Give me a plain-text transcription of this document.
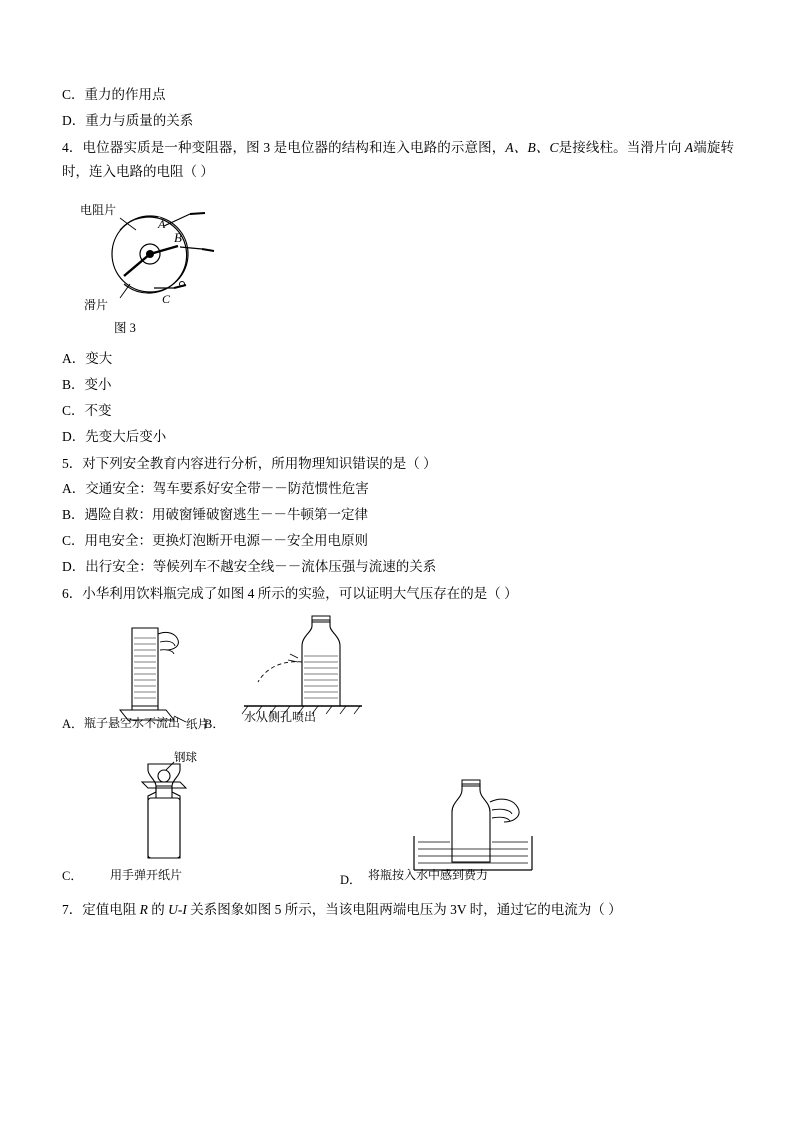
C．重力的作用点
D．重力与质量的关系
4．电位器实质是一种变阻器，图 3 是电位器的结构和连入电路的示意图，A、B、C是接线柱。当滑片向 A端旋转时，连入电路的电阻（ ）
电阻片
滑片
A
B
C
图 3
A．变大
B．变小
C．不变
D．先变大后变小
5．对下列安全教育内容进行分析，所用物理知识错误的是（ ）
A．交通安全：驾车要系好安全带－－防范惯性危害
B．遇险自救：用破窗锤破窗逃生－－牛顿第一定律
C．用电安全：更换灯泡断开电源－－安全用电原则
D．出行安全：等候列车不越安全线－－流体压强与流速的关系
6．小华利用饮料瓶完成了如图 4 所示的实验，可以证明大气压存在的是（ ）
纸片
A． 瓶子悬空水不流出 B． 水从侧孔喷出
钢球
C． 用手弹开纸片	D． 将瓶按入水中感到费力
7．定值电阻 R 的 U-I 关系图象如图 5 所示，当该电阻两端电压为 3V 时，通过它的电流为（ ）
